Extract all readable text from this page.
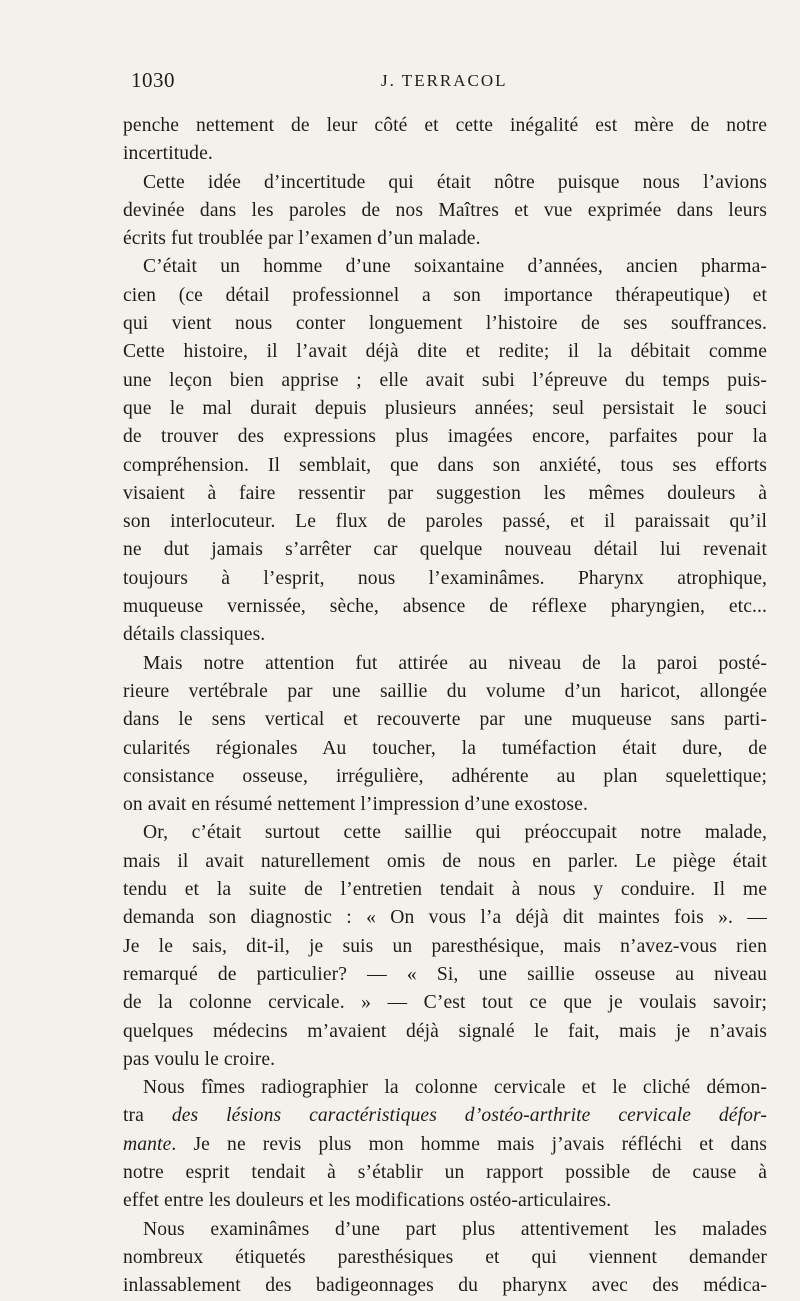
1030	J. TERRACOL
penche nettement de leur côté et cette inégalité est mère de notre
incertitude.
Cette idée d’incertitude qui était nôtre puisque nous l’avions
devinée dans les paroles de nos Maîtres et vue exprimée dans leurs
écrits fut troublée par l’examen d’un malade.
C’était un homme d’une soixantaine d’années, ancien pharma-
cien (ce détail professionnel a son importance thérapeutique) et
qui vient nous conter longuement l’histoire de ses souffrances.
Cette histoire, il l’avait déjà dite et redite; il la débitait comme
une leçon bien apprise ; elle avait subi l’épreuve du temps puis-
que le mal durait depuis plusieurs années; seul persistait le souci
de trouver des expressions plus imagées encore, parfaites pour la
compréhension. Il semblait, que dans son anxiété, tous ses efforts
visaient à faire ressentir par suggestion les mêmes douleurs à
son interlocuteur. Le flux de paroles passé, et il paraissait qu’il
ne dut jamais s’arrêter car quelque nouveau détail lui revenait
toujours à l’esprit, nous l’examinâmes. Pharynx atrophique,
muqueuse vernissée, sèche, absence de réflexe pharyngien, etc...
détails classiques.
Mais notre attention fut attirée au niveau de la paroi posté-
rieure vertébrale par une saillie du volume d’un haricot, allongée
dans le sens vertical et recouverte par une muqueuse sans parti-
cularités régionales Au toucher, la tuméfaction était dure, de
consistance osseuse, irrégulière, adhérente au plan squelettique;
on avait en résumé nettement l’impression d’une exostose.
Or, c’était surtout cette saillie qui préoccupait notre malade,
mais il avait naturellement omis de nous en parler. Le piège était
tendu et la suite de l’entretien tendait à nous y conduire. Il me
demanda son diagnostic : « On vous l’a déjà dit maintes fois ». —
Je le sais, dit-il, je suis un paresthésique, mais n’avez-vous rien
remarqué de particulier? — « Si, une saillie osseuse au niveau
de la colonne cervicale. » — C’est tout ce que je voulais savoir;
quelques médecins m’avaient déjà signalé le fait, mais je n’avais
pas voulu le croire.
Nous fîmes radiographier la colonne cervicale et le cliché démon-
tra des lésions caractéristiques d’ostéo-arthrite cervicale défor-
mante. Je ne revis plus mon homme mais j’avais réfléchi et dans
notre esprit tendait à s’établir un rapport possible de cause à
effet entre les douleurs et les modifications ostéo-articulaires.
Nous examinâmes d’une part plus attentivement les malades
nombreux étiquetés paresthésiques et qui viennent demander
inlassablement des badigeonnages du pharynx avec des médica-
